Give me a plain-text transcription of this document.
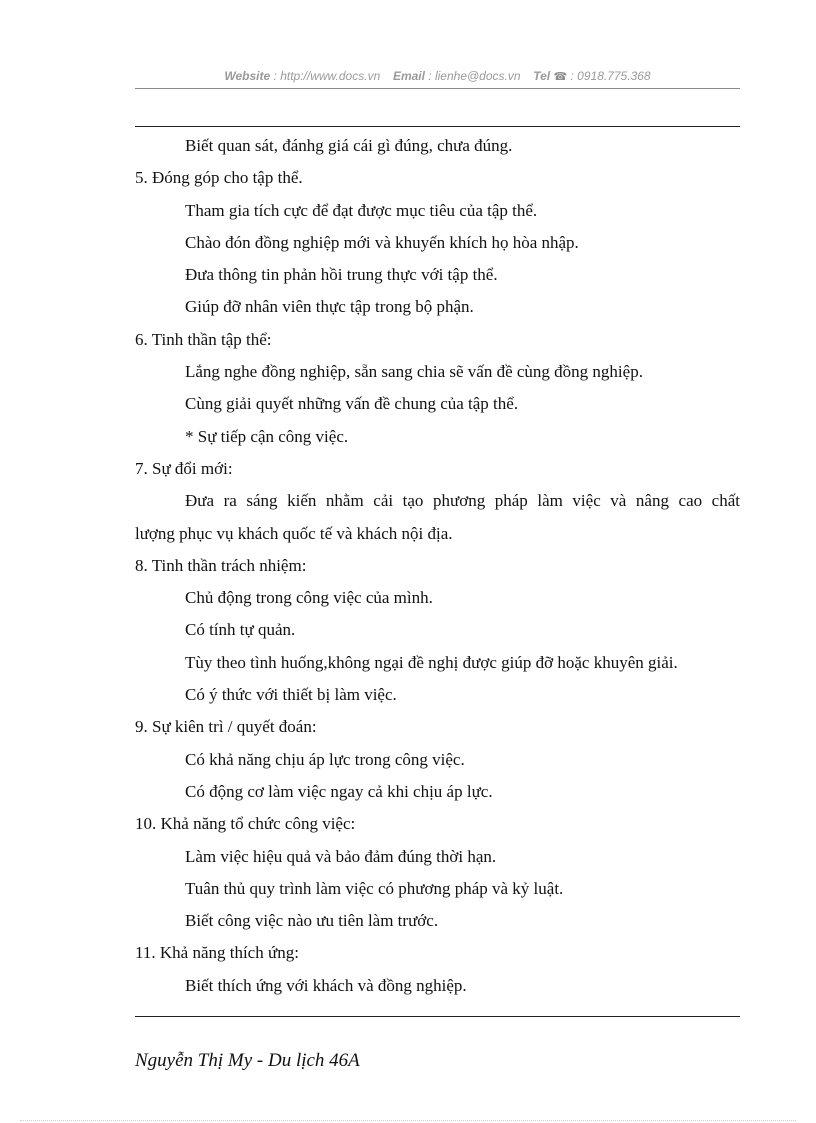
Website : http://www.docs.vn Email : lienhe@docs.vn Tel ☎ : 0918.775.368
Biết quan sát, đánhg giá cái gì đúng, chưa đúng.
5. Đóng góp cho tập thể.
Tham gia tích cực để đạt được mục tiêu của tập thể.
Chào đón đồng nghiệp mới và khuyến khích họ hòa nhập.
Đưa thông tin phản hồi trung thực với tập thể.
Giúp đỡ nhân viên thực tập trong bộ phận.
6. Tinh thần tập thể:
Lắng nghe đồng nghiệp, sẵn sang chia sẽ vấn đề cùng đồng nghiệp.
Cùng giải quyết những vấn đề chung của tập thể.
* Sự tiếp cận công việc.
7. Sự đổi mới:
Đưa ra sáng kiến nhằm cải tạo phương pháp làm việc và nâng cao chất
lượng phục vụ khách quốc tế và khách nội địa.
8. Tinh thần trách nhiệm:
Chủ động trong công việc của mình.
Có tính tự quản.
Tùy theo tình huống,không ngại đề nghị được giúp đỡ hoặc khuyên giải.
Có ý thức với thiết bị làm việc.
9. Sự kiên trì / quyết đoán:
Có khả năng chịu áp lực trong công việc.
Có động cơ làm việc ngay cả khi chịu áp lực.
10. Khả năng tổ chức công việc:
Làm việc hiệu quả và bảo đảm đúng thời hạn.
Tuân thủ quy trình làm việc có phương pháp và kỷ luật.
Biết công việc nào ưu tiên làm trước.
11. Khả năng thích ứng:
Biết thích ứng với khách và đồng nghiệp.
Nguyễn Thị My - Du lịch 46A
